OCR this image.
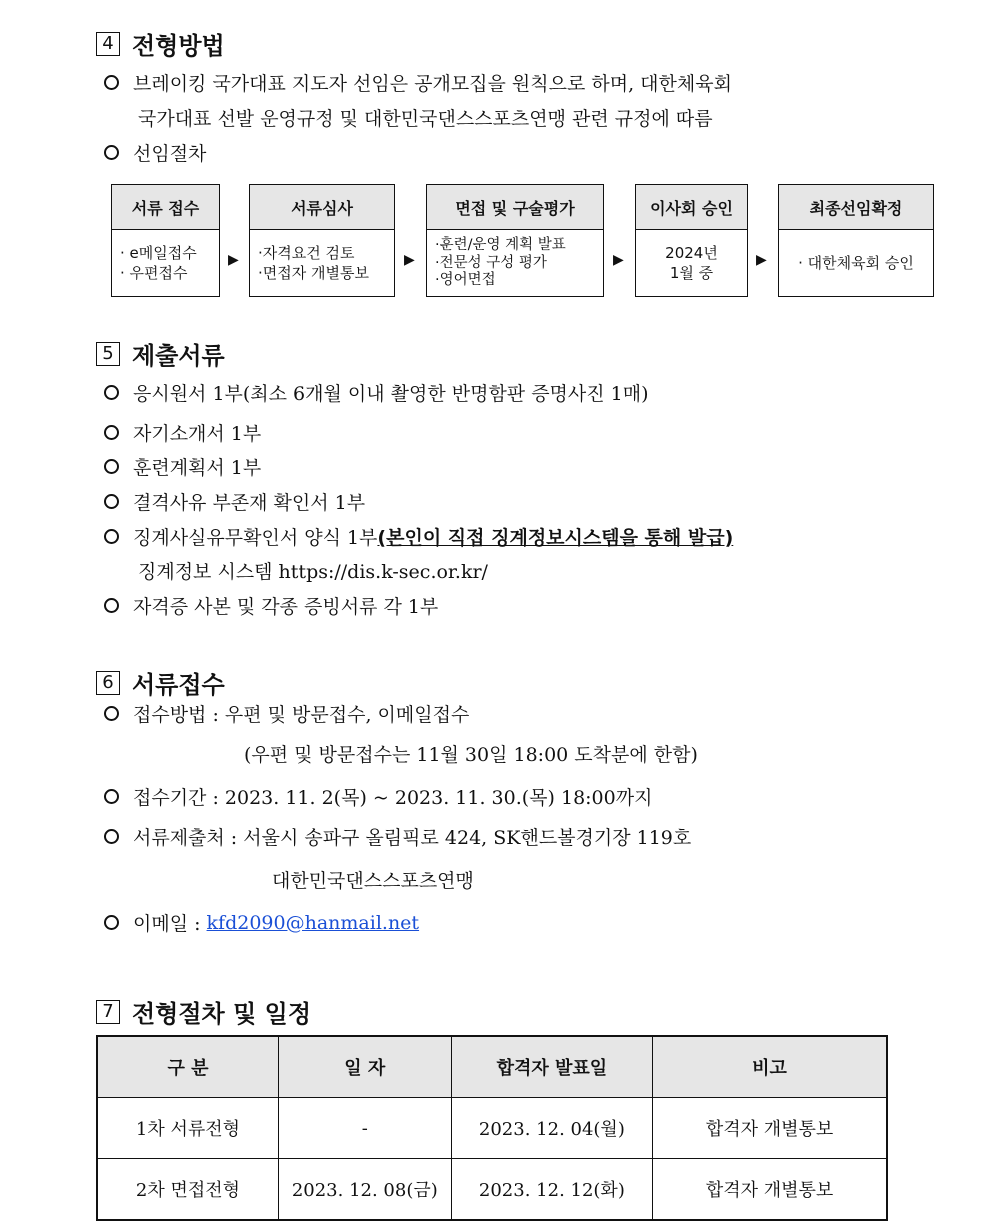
4 전형방법
브레이킹 국가대표 지도자 선임은 공개모집을 원칙으로 하며, 대한체육회
국가대표 선발 운영규정 및 대한민국댄스스포츠연맹 관련 규정에 따름
선임절차
서류 접수
· e메일접수
· 우편접수
▶
서류심사
·자격요건 검토
·면접자 개별통보
▶
면접 및 구술평가
·훈련/운영 계획 발표
·전문성 구성 평가
·영어면접
▶
이사회 승인
2024년
1월 중
▶
최종선임확정
· 대한체육회 승인
5 제출서류
응시원서 1부(최소 6개월 이내 촬영한 반명함판 증명사진 1매)
자기소개서 1부
훈련계획서 1부
결격사유 부존재 확인서 1부
징계사실유무확인서 양식 1부 (본인이 직접 징계정보시스템을 통해 발급)
징계정보 시스템 https://dis.k-sec.or.kr/
자격증 사본 및 각종 증빙서류 각 1부
6 서류접수
접수방법 : 우편 및 방문접수, 이메일접수
(우편 및 방문접수는 11월 30일 18:00 도착분에 한함)
접수기간 : 2023. 11. 2(목) ~ 2023. 11. 30.(목) 18:00까지
서류제출처 : 서울시 송파구 올림픽로 424, SK핸드볼경기장 119호
대한민국댄스스포츠연맹
이메일 : kfd2090@hanmail.net
7 전형절차 및 일정
구 분	일 자	합격자 발표일	비고
1차 서류전형	-	2023. 12. 04(월)	합격자 개별통보
2차 면접전형	2023. 12. 08(금)	2023. 12. 12(화)	합격자 개별통보
